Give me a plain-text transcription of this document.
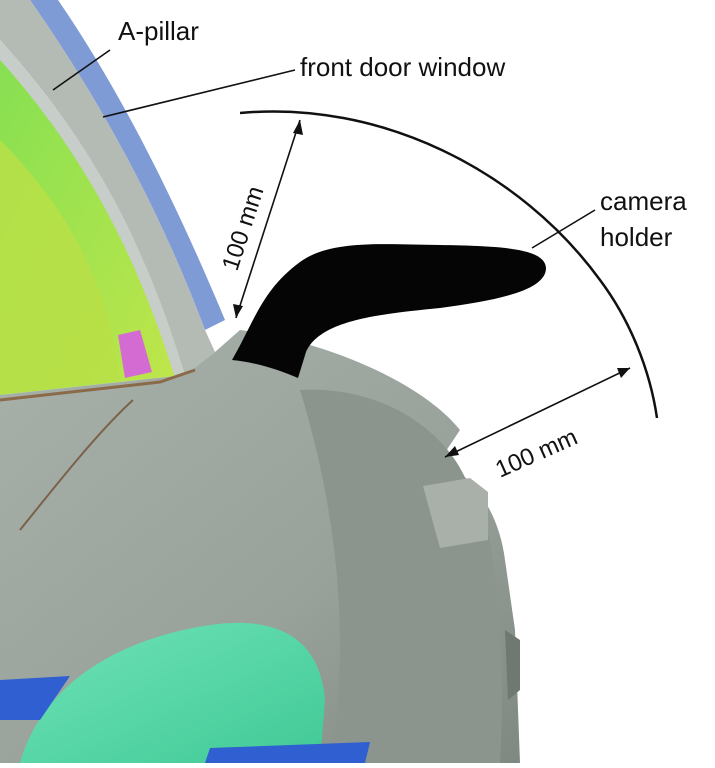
A-pillar
front door window
camera
holder
100 mm
100 mm
